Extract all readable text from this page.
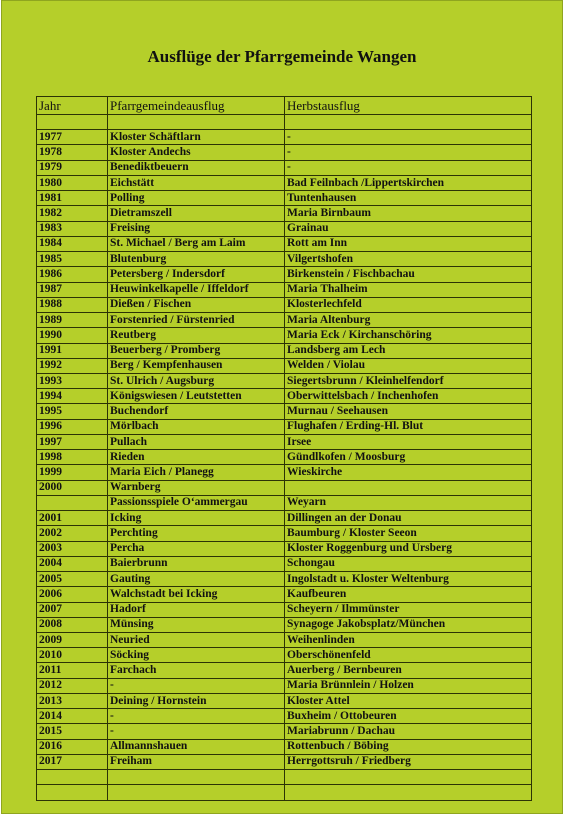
Ausflüge der Pfarrgemeinde Wangen
Jahr	Pfarrgemeindeausflug	Herbstausflug

1977	Kloster Schäftlarn	-
1978	Kloster Andechs	-
1979	Benediktbeuern	-
1980	Eichstätt	Bad Feilnbach /Lippertskirchen
1981	Polling	Tuntenhausen
1982	Dietramszell	Maria Birnbaum
1983	Freising	Grainau
1984	St. Michael / Berg am Laim	Rott am Inn
1985	Blutenburg	Vilgertshofen
1986	Petersberg / Indersdorf	Birkenstein / Fischbachau
1987	Heuwinkelkapelle / Iffeldorf	Maria Thalheim
1988	Dießen / Fischen	Klosterlechfeld
1989	Forstenried / Fürstenried	Maria Altenburg
1990	Reutberg	Maria Eck / Kirchanschöring
1991	Beuerberg / Promberg	Landsberg am Lech
1992	Berg / Kempfenhausen	Welden / Violau
1993	St. Ulrich / Augsburg	Siegertsbrunn / Kleinhelfendorf
1994	Königswiesen / Leutstetten	Oberwittelsbach / Inchenhofen
1995	Buchendorf	Murnau / Seehausen
1996	Mörlbach	Flughafen / Erding-Hl. Blut
1997	Pullach	Irsee
1998	Rieden	Gündlkofen / Moosburg
1999	Maria Eich / Planegg	Wieskirche
2000	Warnberg	
	Passionsspiele O‘ammergau	Weyarn
2001	Icking	Dillingen an der Donau
2002	Perchting	Baumburg / Kloster Seeon
2003	Percha	Kloster Roggenburg und Ursberg
2004	Baierbrunn	Schongau
2005	Gauting	Ingolstadt u. Kloster Weltenburg
2006	Walchstadt bei Icking	Kaufbeuren
2007	Hadorf	Scheyern / Ilmmünster
2008	Münsing	Synagoge Jakobsplatz/München
2009	Neuried	Weihenlinden
2010	Söcking	Oberschönenfeld
2011	Farchach	Auerberg / Bernbeuren
2012	-	Maria Brünnlein / Holzen
2013	Deining / Hornstein	Kloster Attel
2014	-	Buxheim / Ottobeuren
2015	-	Mariabrunn / Dachau
2016	Allmannshauen	Rottenbuch / Böbing
2017	Freiham	Herrgottsruh / Friedberg
